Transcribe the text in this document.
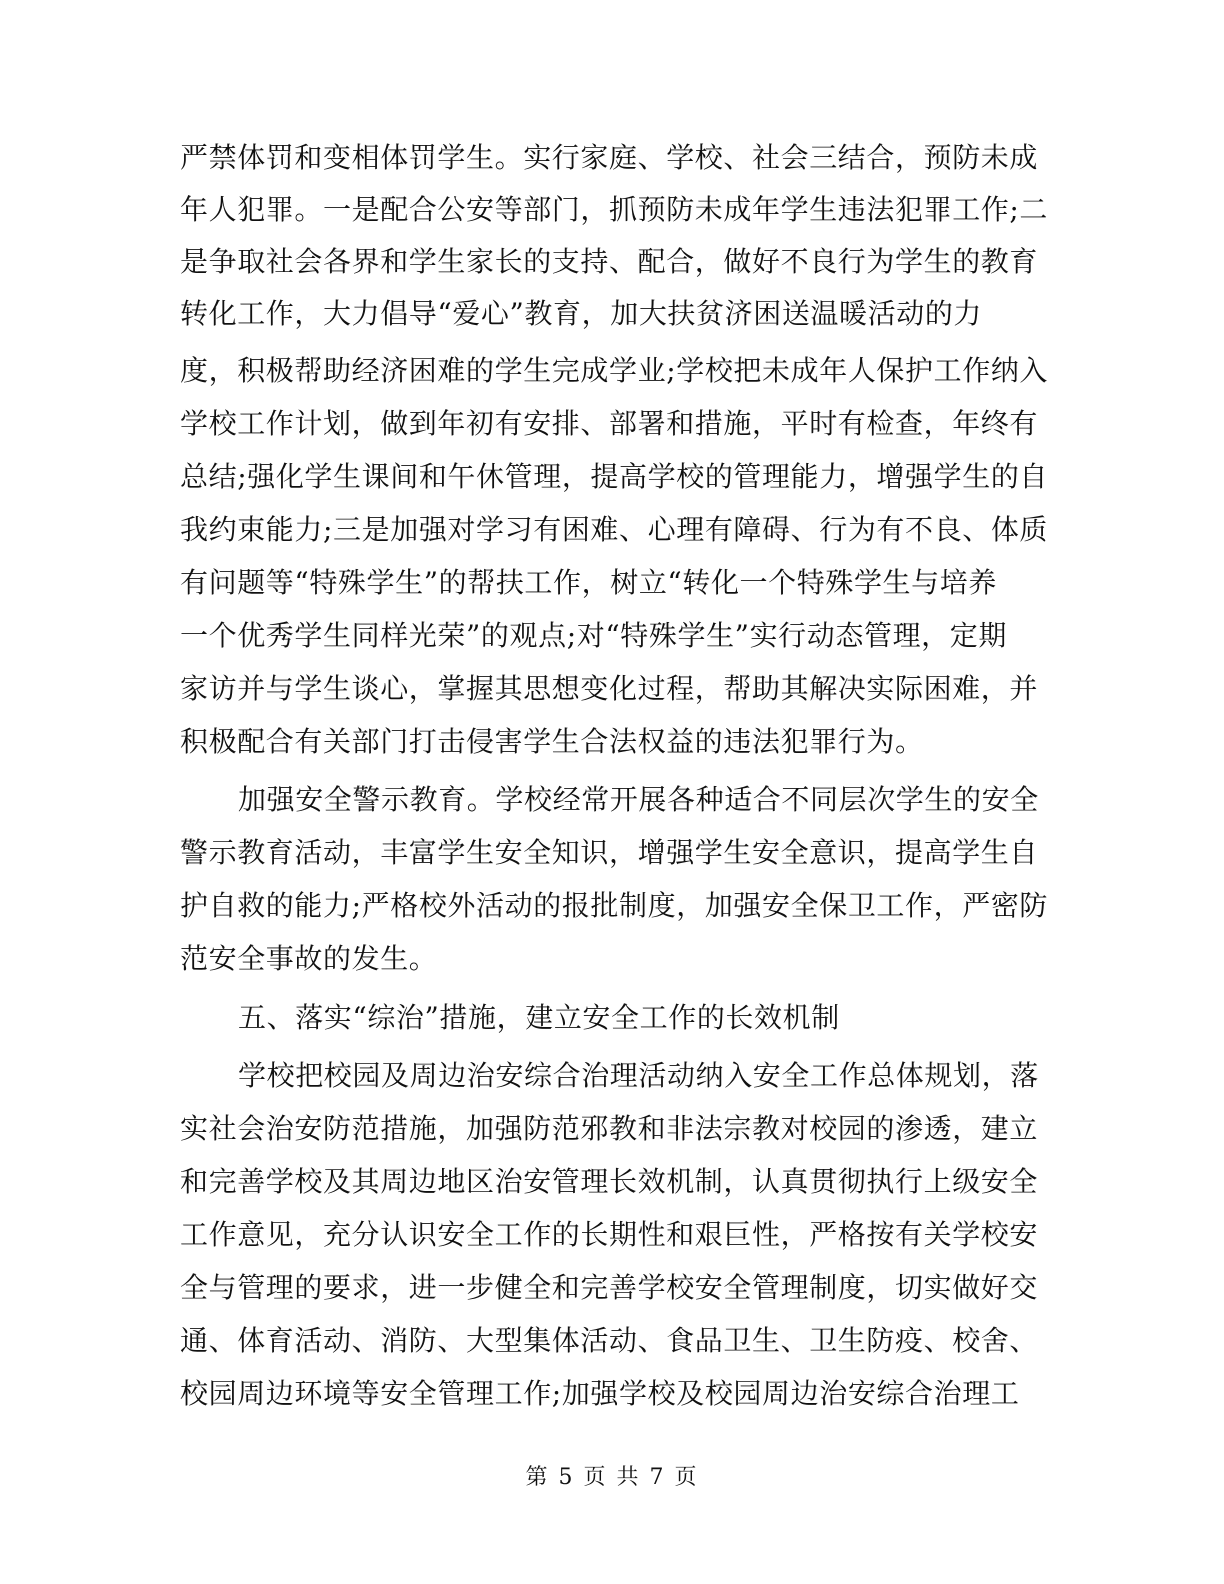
严禁体罚和变相体罚学生。实行家庭、学校、社会三结合，预防未成
年人犯罪。一是配合公安等部门，抓预防未成年学生违法犯罪工作;二
是争取社会各界和学生家长的支持、配合，做好不良行为学生的教育
转化工作，大力倡导“爱心”教育，加大扶贫济困送温暖活动的力
度，积极帮助经济困难的学生完成学业;学校把未成年人保护工作纳入
学校工作计划，做到年初有安排、部署和措施，平时有检查，年终有
总结;强化学生课间和午休管理，提高学校的管理能力，增强学生的自
我约束能力;三是加强对学习有困难、心理有障碍、行为有不良、体质
有问题等“特殊学生”的帮扶工作，树立“转化一个特殊学生与培养
一个优秀学生同样光荣”的观点;对“特殊学生”实行动态管理，定期
家访并与学生谈心，掌握其思想变化过程，帮助其解决实际困难，并
积极配合有关部门打击侵害学生合法权益的违法犯罪行为。
加强安全警示教育。学校经常开展各种适合不同层次学生的安全
警示教育活动，丰富学生安全知识，增强学生安全意识，提高学生自
护自救的能力;严格校外活动的报批制度，加强安全保卫工作，严密防
范安全事故的发生。
五、落实“综治”措施，建立安全工作的长效机制
学校把校园及周边治安综合治理活动纳入安全工作总体规划，落
实社会治安防范措施，加强防范邪教和非法宗教对校园的渗透，建立
和完善学校及其周边地区治安管理长效机制，认真贯彻执行上级安全
工作意见，充分认识安全工作的长期性和艰巨性，严格按有关学校安
全与管理的要求，进一步健全和完善学校安全管理制度，切实做好交
通、体育活动、消防、大型集体活动、食品卫生、卫生防疫、校舍、
校园周边环境等安全管理工作;加强学校及校园周边治安综合治理工
第 5 页 共 7 页
